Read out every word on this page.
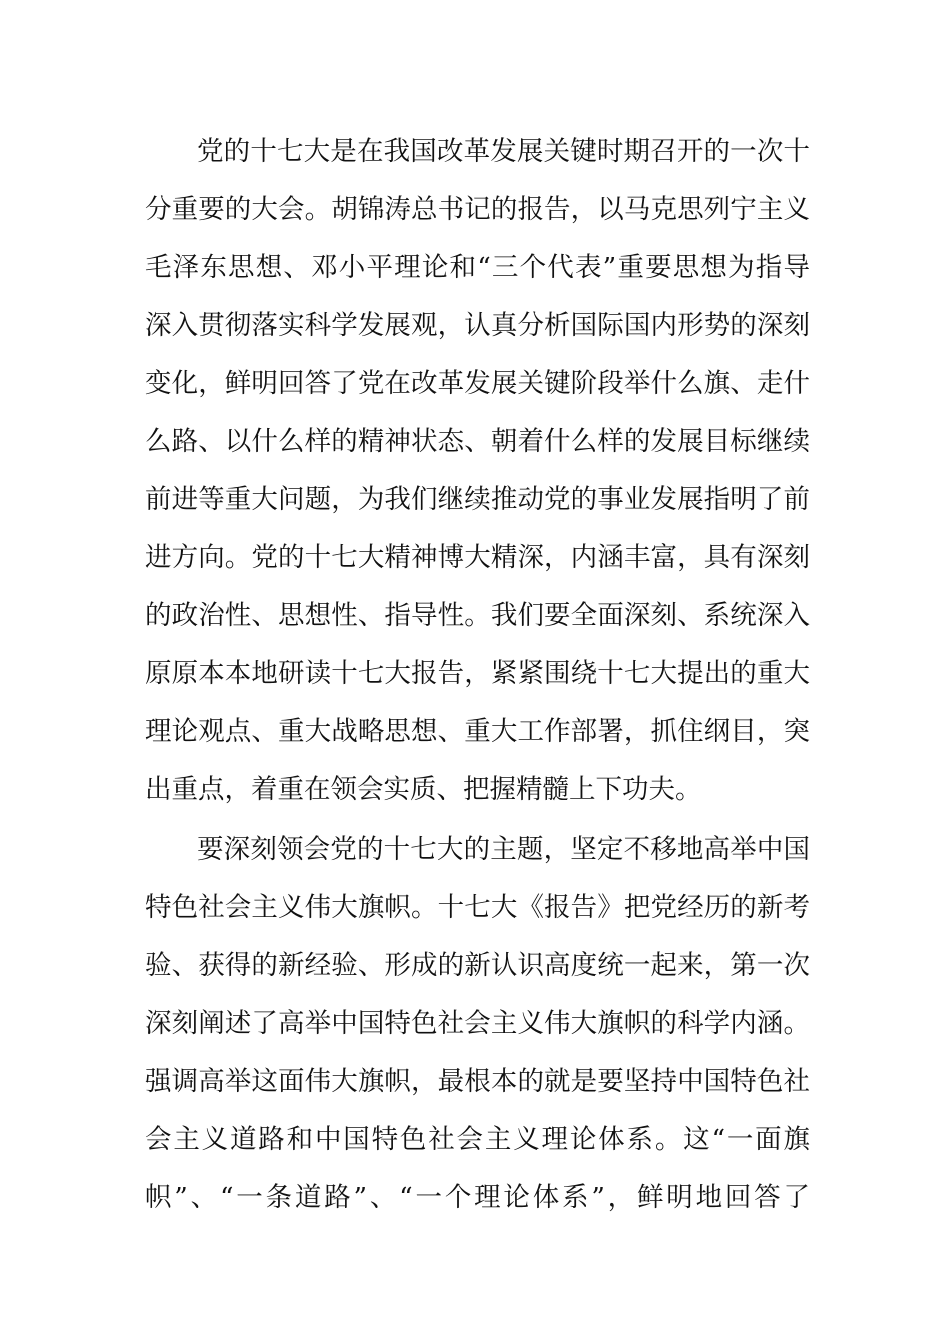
党的十七大是在我国改革发展关键时期召开的一次十
分重要的大会。胡锦涛总书记的报告，以马克思列宁主义
毛泽东思想、邓小平理论和“三个代表”重要思想为指导
深入贯彻落实科学发展观，认真分析国际国内形势的深刻
变化，鲜明回答了党在改革发展关键阶段举什么旗、走什
么路、以什么样的精神状态、朝着什么样的发展目标继续
前进等重大问题，为我们继续推动党的事业发展指明了前
进方向。党的十七大精神博大精深，内涵丰富，具有深刻
的政治性、思想性、指导性。我们要全面深刻、系统深入
原原本本地研读十七大报告，紧紧围绕十七大提出的重大
理论观点、重大战略思想、重大工作部署，抓住纲目，突
出重点，着重在领会实质、把握精髓上下功夫。
要深刻领会党的十七大的主题，坚定不移地高举中国
特色社会主义伟大旗帜。十七大《报告》把党经历的新考
验、获得的新经验、形成的新认识高度统一起来，第一次
深刻阐述了高举中国特色社会主义伟大旗帜的科学内涵。
强调高举这面伟大旗帜，最根本的就是要坚持中国特色社
会主义道路和中国特色社会主义理论体系。这“一面旗
帜”、“一条道路”、“一个理论体系”，鲜明地回答了
